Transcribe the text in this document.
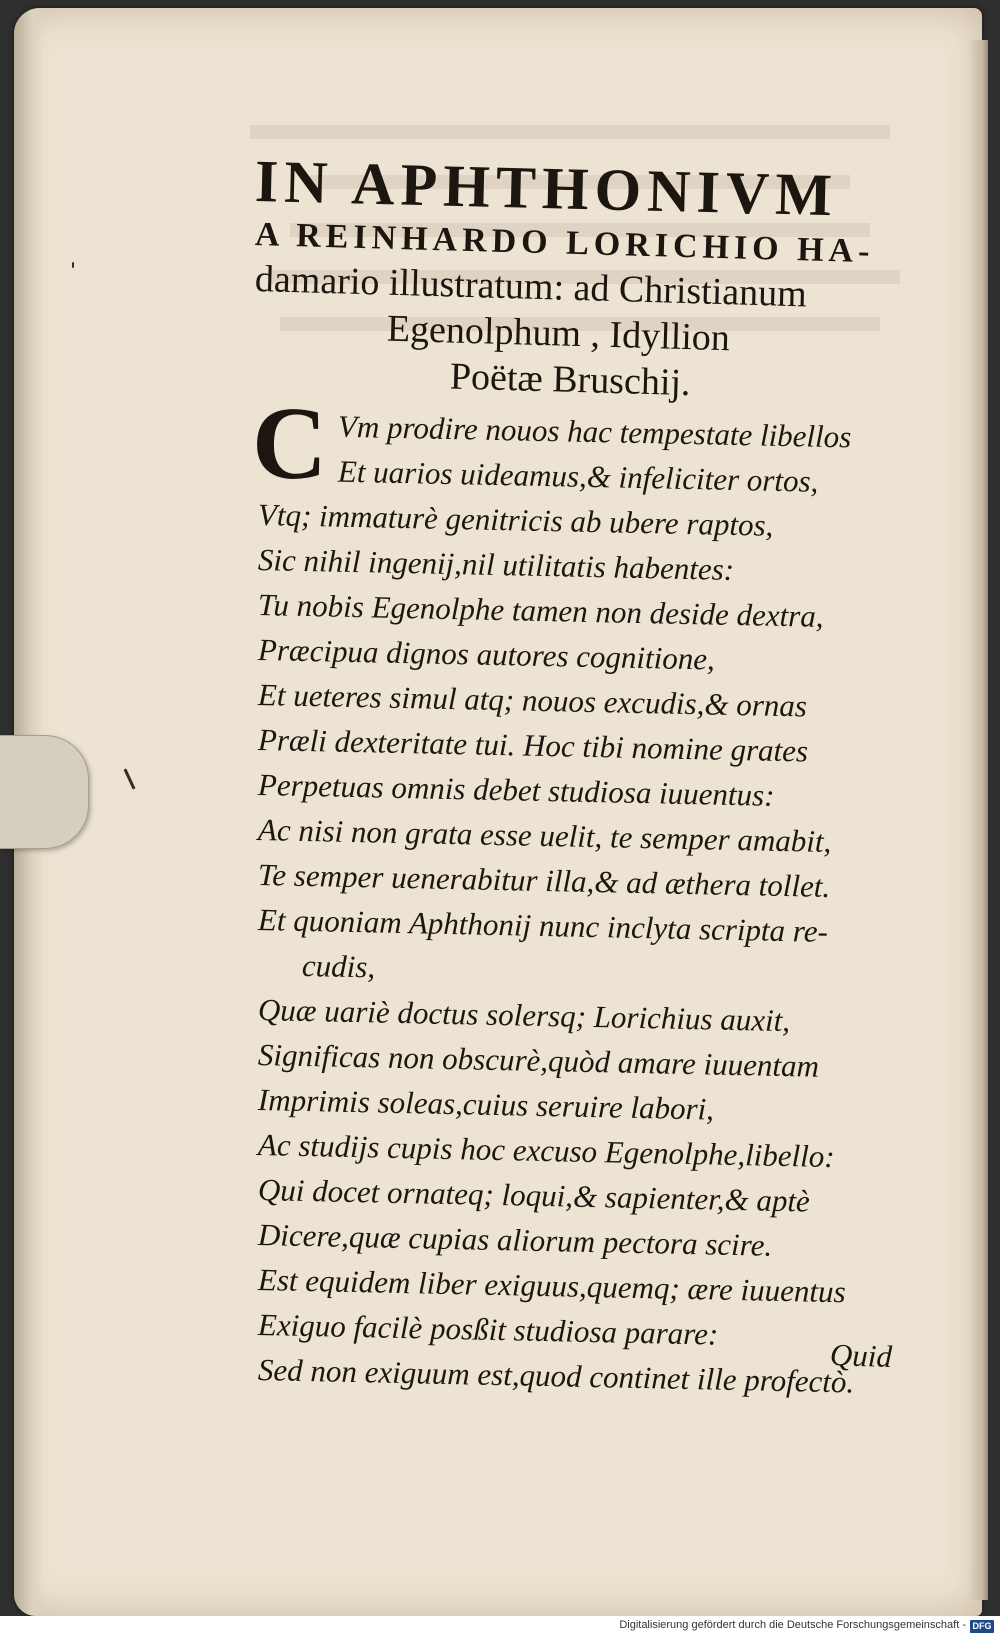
IN APHTHONIVM

A REINHARDO LORICHIO HA-

damario illustratum: ad Christianum

Egenolphum , Idyllion

Poëtæ Bruschij.

C Vm prodire nouos hac tempestate libellos
Et uarios uideamus,& infeliciter ortos,
Vtq; immaturè genitricis ab ubere raptos,
Sic nihil ingenij,nil utilitatis habentes:
Tu nobis Egenolphe tamen non deside dextra,
Præcipua dignos autores cognitione,
Et ueteres simul atq; nouos excudis,& ornas
Præli dexteritate tui. Hoc tibi nomine grates
Perpetuas omnis debet studiosa iuuentus:
Ac nisi non grata esse uelit, te semper amabit,
Te semper uenerabitur illa,& ad æthera tollet.
Et quoniam Aphthonij nunc inclyta scripta re-
cudis,
Quæ uariè doctus solersq; Lorichius auxit,
Significas non obscurè,quòd amare iuuentam
Imprimis soleas,cuius seruire labori,
Ac studijs cupis hoc excuso Egenolphe,libello:
Qui docet ornateq; loqui,& sapienter,& aptè
Dicere,quæ cupias aliorum pectora scire.
Est equidem liber exiguus,quemq; ære iuuentus
Exiguo facilè posßit studiosa parare:
Sed non exiguum est,quod continet ille profectò.
Quid
Digitalisierung gefördert durch die Deutsche Forschungsgemeinschaft - DFG
